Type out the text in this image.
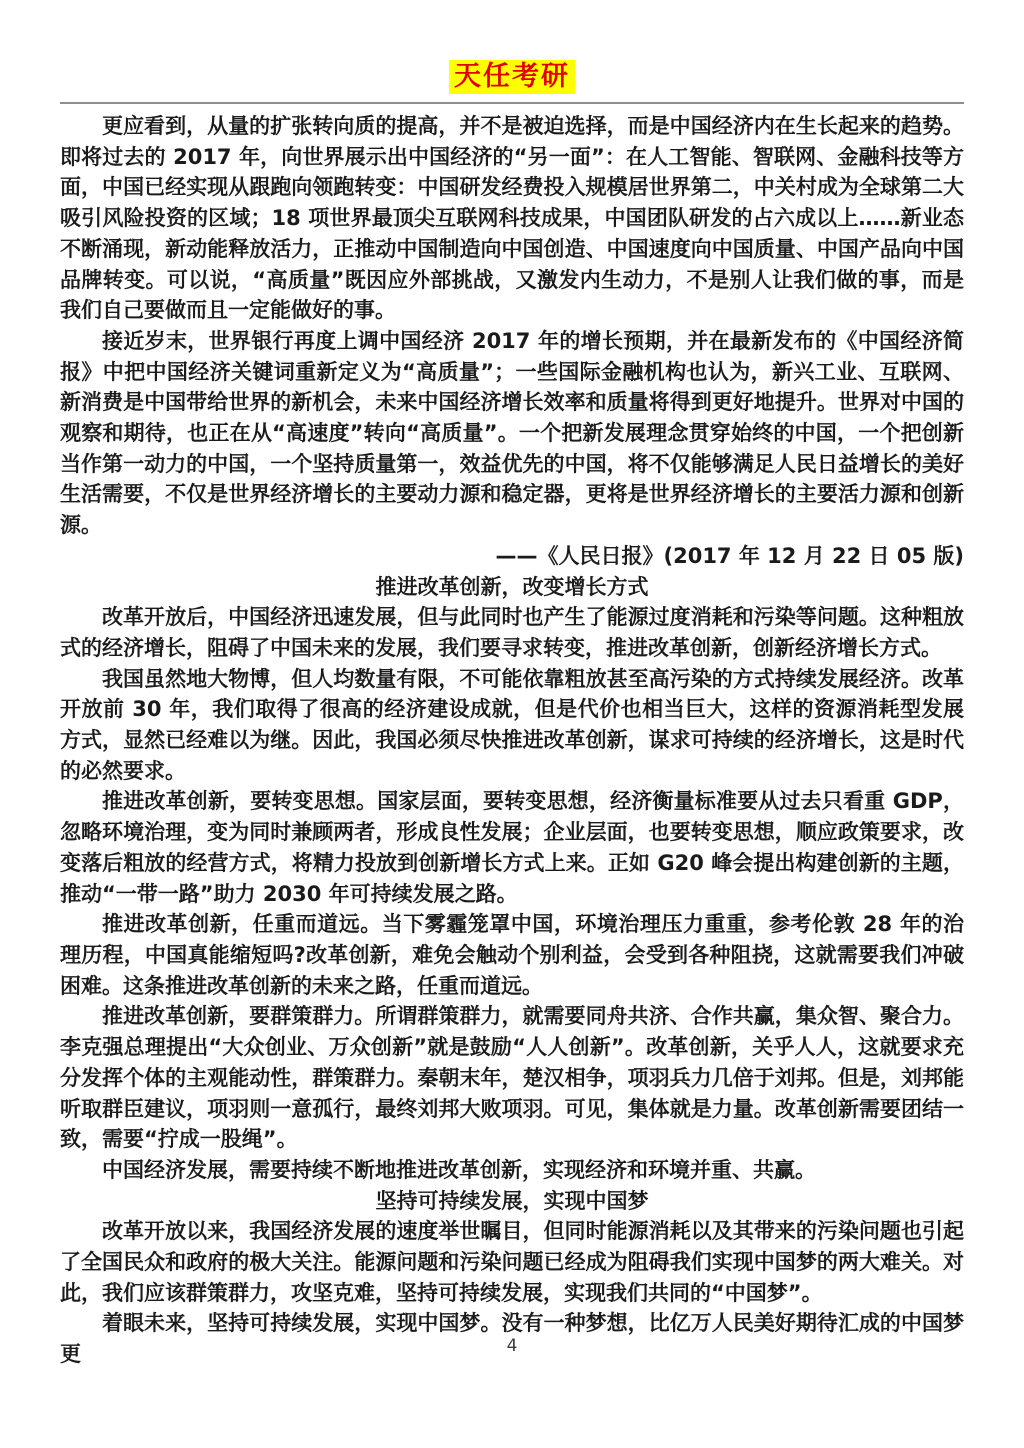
天任考研

更应看到，从量的扩张转向质的提高，并不是被迫选择，而是中国经济内在生长起来的趋势。即将过去的 2017 年，向世界展示出中国经济的“另一面”：在人工智能、智联网、金融科技等方面，中国已经实现从跟跑向领跑转变：中国研发经费投入规模居世界第二，中关村成为全球第二大吸引风险投资的区域；18 项世界最顶尖互联网科技成果，中国团队研发的占六成以上……新业态不断涌现，新动能释放活力，正推动中国制造向中国创造、中国速度向中国质量、中国产品向中国品牌转变。可以说，“高质量”既因应外部挑战，又激发内生动力，不是别人让我们做的事，而是我们自己要做而且一定能做好的事。

接近岁末，世界银行再度上调中国经济 2017 年的增长预期，并在最新发布的《中国经济简报》中把中国经济关键词重新定义为“高质量”；一些国际金融机构也认为，新兴工业、互联网、新消费是中国带给世界的新机会，未来中国经济增长效率和质量将得到更好地提升。世界对中国的观察和期待，也正在从“高速度”转向“高质量”。一个把新发展理念贯穿始终的中国，一个把创新当作第一动力的中国，一个坚持质量第一，效益优先的中国，将不仅能够满足人民日益增长的美好生活需要，不仅是世界经济增长的主要动力源和稳定器，更将是世界经济增长的主要活力源和创新源。

——《人民日报》(2017 年 12 月 22 日 05 版)

推进改革创新，改变增长方式

改革开放后，中国经济迅速发展，但与此同时也产生了能源过度消耗和污染等问题。这种粗放式的经济增长，阻碍了中国未来的发展，我们要寻求转变，推进改革创新，创新经济增长方式。

我国虽然地大物博，但人均数量有限，不可能依靠粗放甚至高污染的方式持续发展经济。改革开放前 30 年，我们取得了很高的经济建设成就，但是代价也相当巨大，这样的资源消耗型发展方式，显然已经难以为继。因此，我国必须尽快推进改革创新，谋求可持续的经济增长，这是时代的必然要求。

推进改革创新，要转变思想。国家层面，要转变思想，经济衡量标准要从过去只看重 GDP，忽略环境治理，变为同时兼顾两者，形成良性发展；企业层面，也要转变思想，顺应政策要求，改变落后粗放的经营方式，将精力投放到创新增长方式上来。正如 G20 峰会提出构建创新的主题，推动“一带一路”助力 2030 年可持续发展之路。

推进改革创新，任重而道远。当下雾霾笼罩中国，环境治理压力重重，参考伦敦 28 年的治理历程，中国真能缩短吗?改革创新，难免会触动个别利益，会受到各种阻挠，这就需要我们冲破困难。这条推进改革创新的未来之路，任重而道远。

推进改革创新，要群策群力。所谓群策群力，就需要同舟共济、合作共赢，集众智、聚合力。李克强总理提出“大众创业、万众创新”就是鼓励“人人创新”。改革创新，关乎人人，这就要求充分发挥个体的主观能动性，群策群力。秦朝末年，楚汉相争，项羽兵力几倍于刘邦。但是，刘邦能听取群臣建议，项羽则一意孤行，最终刘邦大败项羽。可见，集体就是力量。改革创新需要团结一致，需要“拧成一股绳”。

中国经济发展，需要持续不断地推进改革创新，实现经济和环境并重、共赢。

坚持可持续发展，实现中国梦

改革开放以来，我国经济发展的速度举世瞩目，但同时能源消耗以及其带来的污染问题也引起了全国民众和政府的极大关注。能源问题和污染问题已经成为阻碍我们实现中国梦的两大难关。对此，我们应该群策群力，攻坚克难，坚持可持续发展，实现我们共同的“中国梦”。

着眼未来，坚持可持续发展，实现中国梦。没有一种梦想，比亿万人民美好期待汇成的中国梦更	4
